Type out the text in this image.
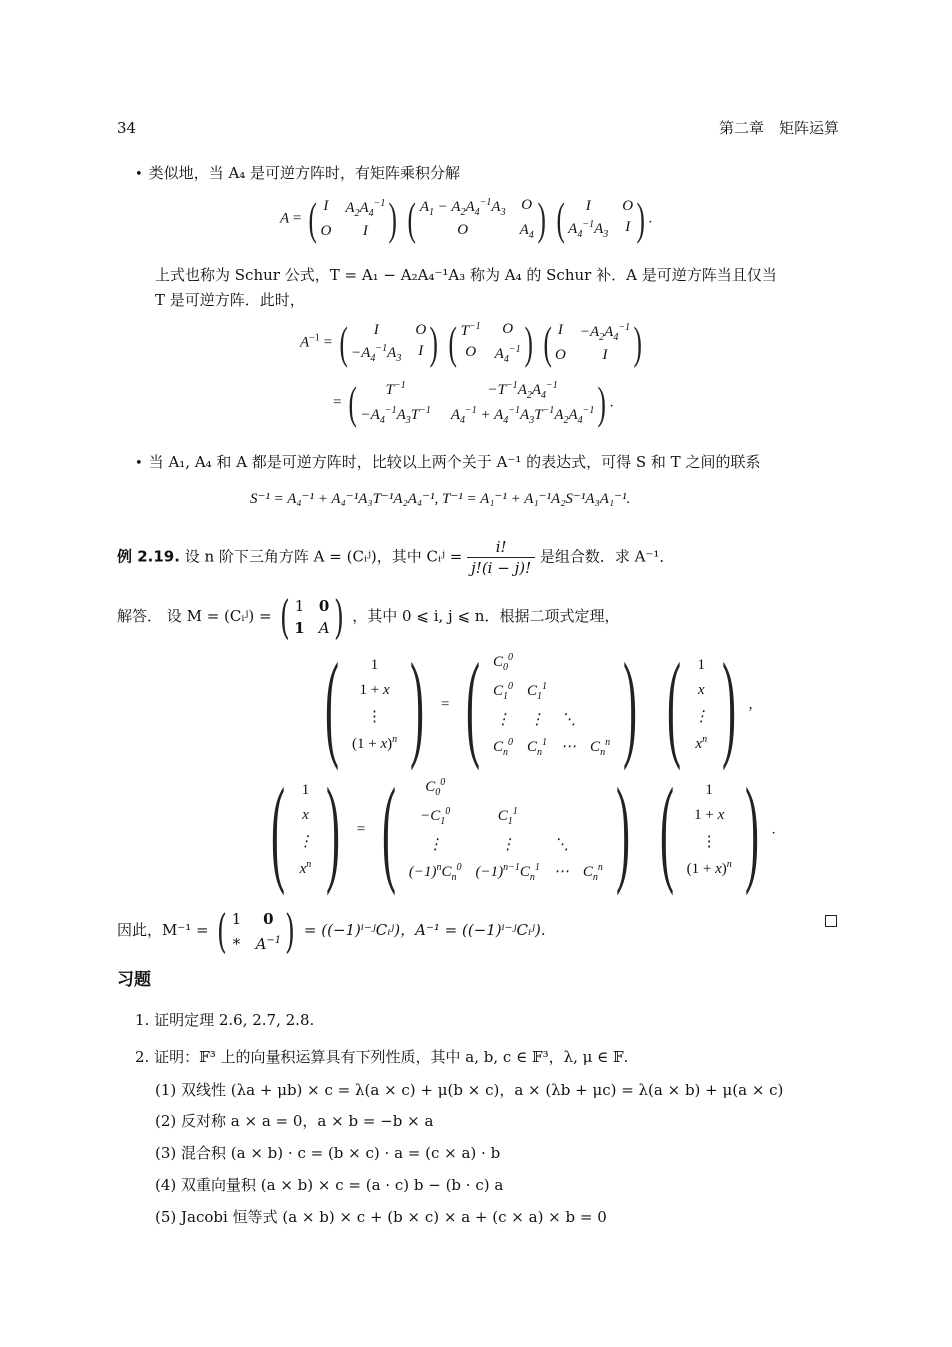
34	第二章　矩阵运算
• 类似地，当 A₄ 是可逆方阵时，有矩阵乘积分解
A = ( I $A_2A_4^{-1}$
O	I )
( $A_1 - A_2A_4^{-1}A_3$ O
O	$A_4$ )
(	I	O
$A_4^{-1}A_3$ I ) .
上式也称为 Schur 公式，T = A₁ − A₂A₄⁻¹A₃ 称为 A₄ 的 Schur 补．A 是可逆方阵当且仅当
T 是可逆方阵．此时，
$A^{-1}$ = (	I	O
$-A_4^{-1}A_3$ I )
( $T^{-1}$	O
O	$A_4^{-1}$ )
( $I -A_2A_4^{-1}$
O	I )
= (	$T^{-1}$	$-T^{-1}A_2A_4^{-1}$
$-A_4^{-1}A_3T^{-1}$ $A_4^{-1} + A_4^{-1}A_3T^{-1}A_2A_4^{-1}$ ) .
• 当 A₁, A₄ 和 A 都是可逆方阵时，比较以上两个关于 A⁻¹ 的表达式，可得 S 和 T 之间的联系
S⁻¹ = A₄⁻¹ + A₄⁻¹A₃T⁻¹A₂A₄⁻¹, T⁻¹ = A₁⁻¹ + A₁⁻¹A₂S⁻¹A₃A₁⁻¹.
例 2.19. 设 n 阶下三角方阵 A = (Cᵢʲ)，其中 Cᵢʲ = $\frac{i!}{j!(i - j)!}$ 是组合数．求 A⁻¹．
解答． 设 M = (Cᵢʲ) = ( 1 0
1 A ) ，其中 0 ⩽ i, j ⩽ n．根据二项式定理，
(	1
1 + x
⋮
$(1 + x)^n$ ) = ( $C_0^0$
$C_1^0$ $C_1^1$
⋮ ⋮ ⋱
$C_n^0$ $C_n^1$ ⋯ $C_n^n$ )
( 1
x
⋮
$x^n$ ) ,
( 1
x
⋮
$x^n$ ) = (	$C_0^0$
$-C_1^0$	$C_1^1$
⋮	⋮	⋱
$(-1)^nC_n^0$ $(-1)^{n-1}C_n^1$ ⋯ $C_n^n$ )
(	1
1 + x
⋮
$(1 + x)^n$ ) .
因此，M⁻¹ = ( 1	0
∗ $A^{-1}$ ) = ((−1)ⁱ⁻ʲCᵢʲ)，A⁻¹ = ((−1)ⁱ⁻ʲCᵢʲ).
习题
1. 证明定理 2.6, 2.7, 2.8.
2. 证明：𝔽³ 上的向量积运算具有下列性质，其中 a, b, c ∈ 𝔽³，λ, μ ∈ 𝔽.
(1) 双线性 (λa + μb) × c = λ(a × c) + μ(b × c)，a × (λb + μc) = λ(a × b) + μ(a × c)
(2) 反对称 a × a = 0，a × b = −b × a
(3) 混合积 (a × b) · c = (b × c) · a = (c × a) · b
(4) 双重向量积 (a × b) × c = (a · c) b − (b · c) a
(5) Jacobi 恒等式 (a × b) × c + (b × c) × a + (c × a) × b = 0
